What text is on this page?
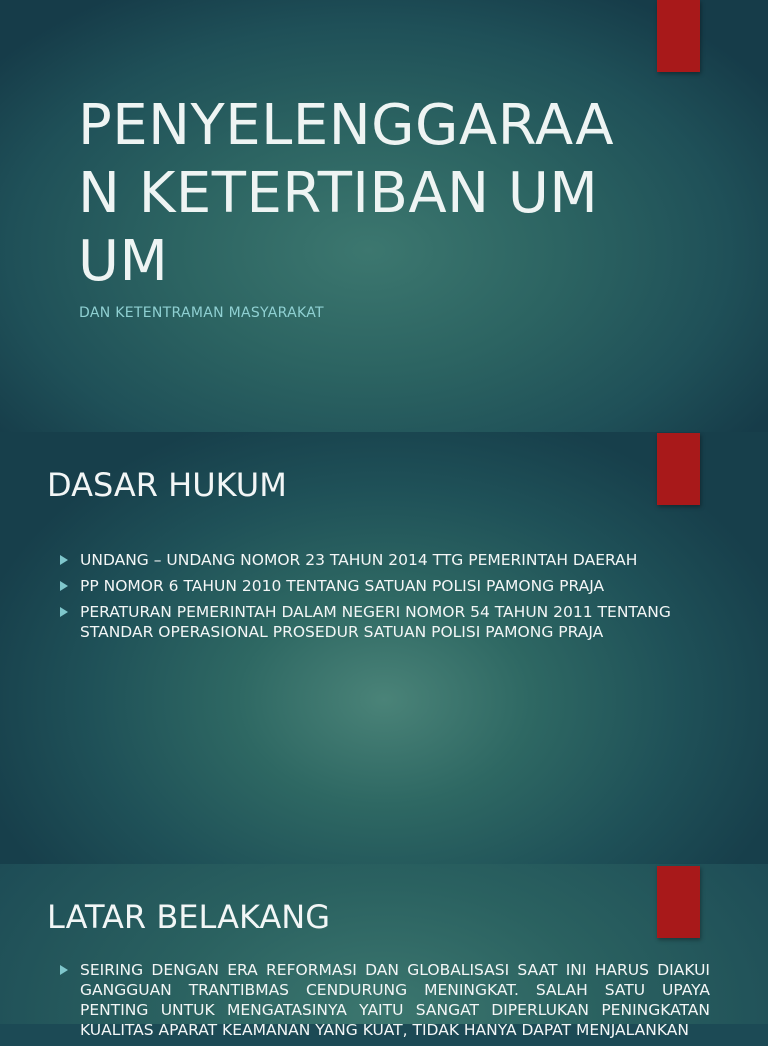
PENYELENGGARAAN KETERTIBAN UMUM
DAN KETENTRAMAN MASYARAKAT
DASAR HUKUM
UNDANG – UNDANG NOMOR 23 TAHUN 2014 TTG PEMERINTAH DAERAH
PP NOMOR 6 TAHUN 2010 TENTANG SATUAN POLISI PAMONG PRAJA
PERATURAN PEMERINTAH DALAM NEGERI NOMOR 54 TAHUN 2011 TENTANG STANDAR OPERASIONAL PROSEDUR SATUAN POLISI PAMONG PRAJA
LATAR BELAKANG
SEIRING DENGAN ERA REFORMASI DAN GLOBALISASI SAAT INI HARUS DIAKUI GANGGUAN TRANTIBMAS CENDURUNG MENINGKAT. SALAH SATU UPAYA PENTING UNTUK MENGATASINYA YAITU SANGAT DIPERLUKAN PENINGKATAN KUALITAS APARAT KEAMANAN YANG KUAT, TIDAK HANYA DAPAT MENJALANKAN
